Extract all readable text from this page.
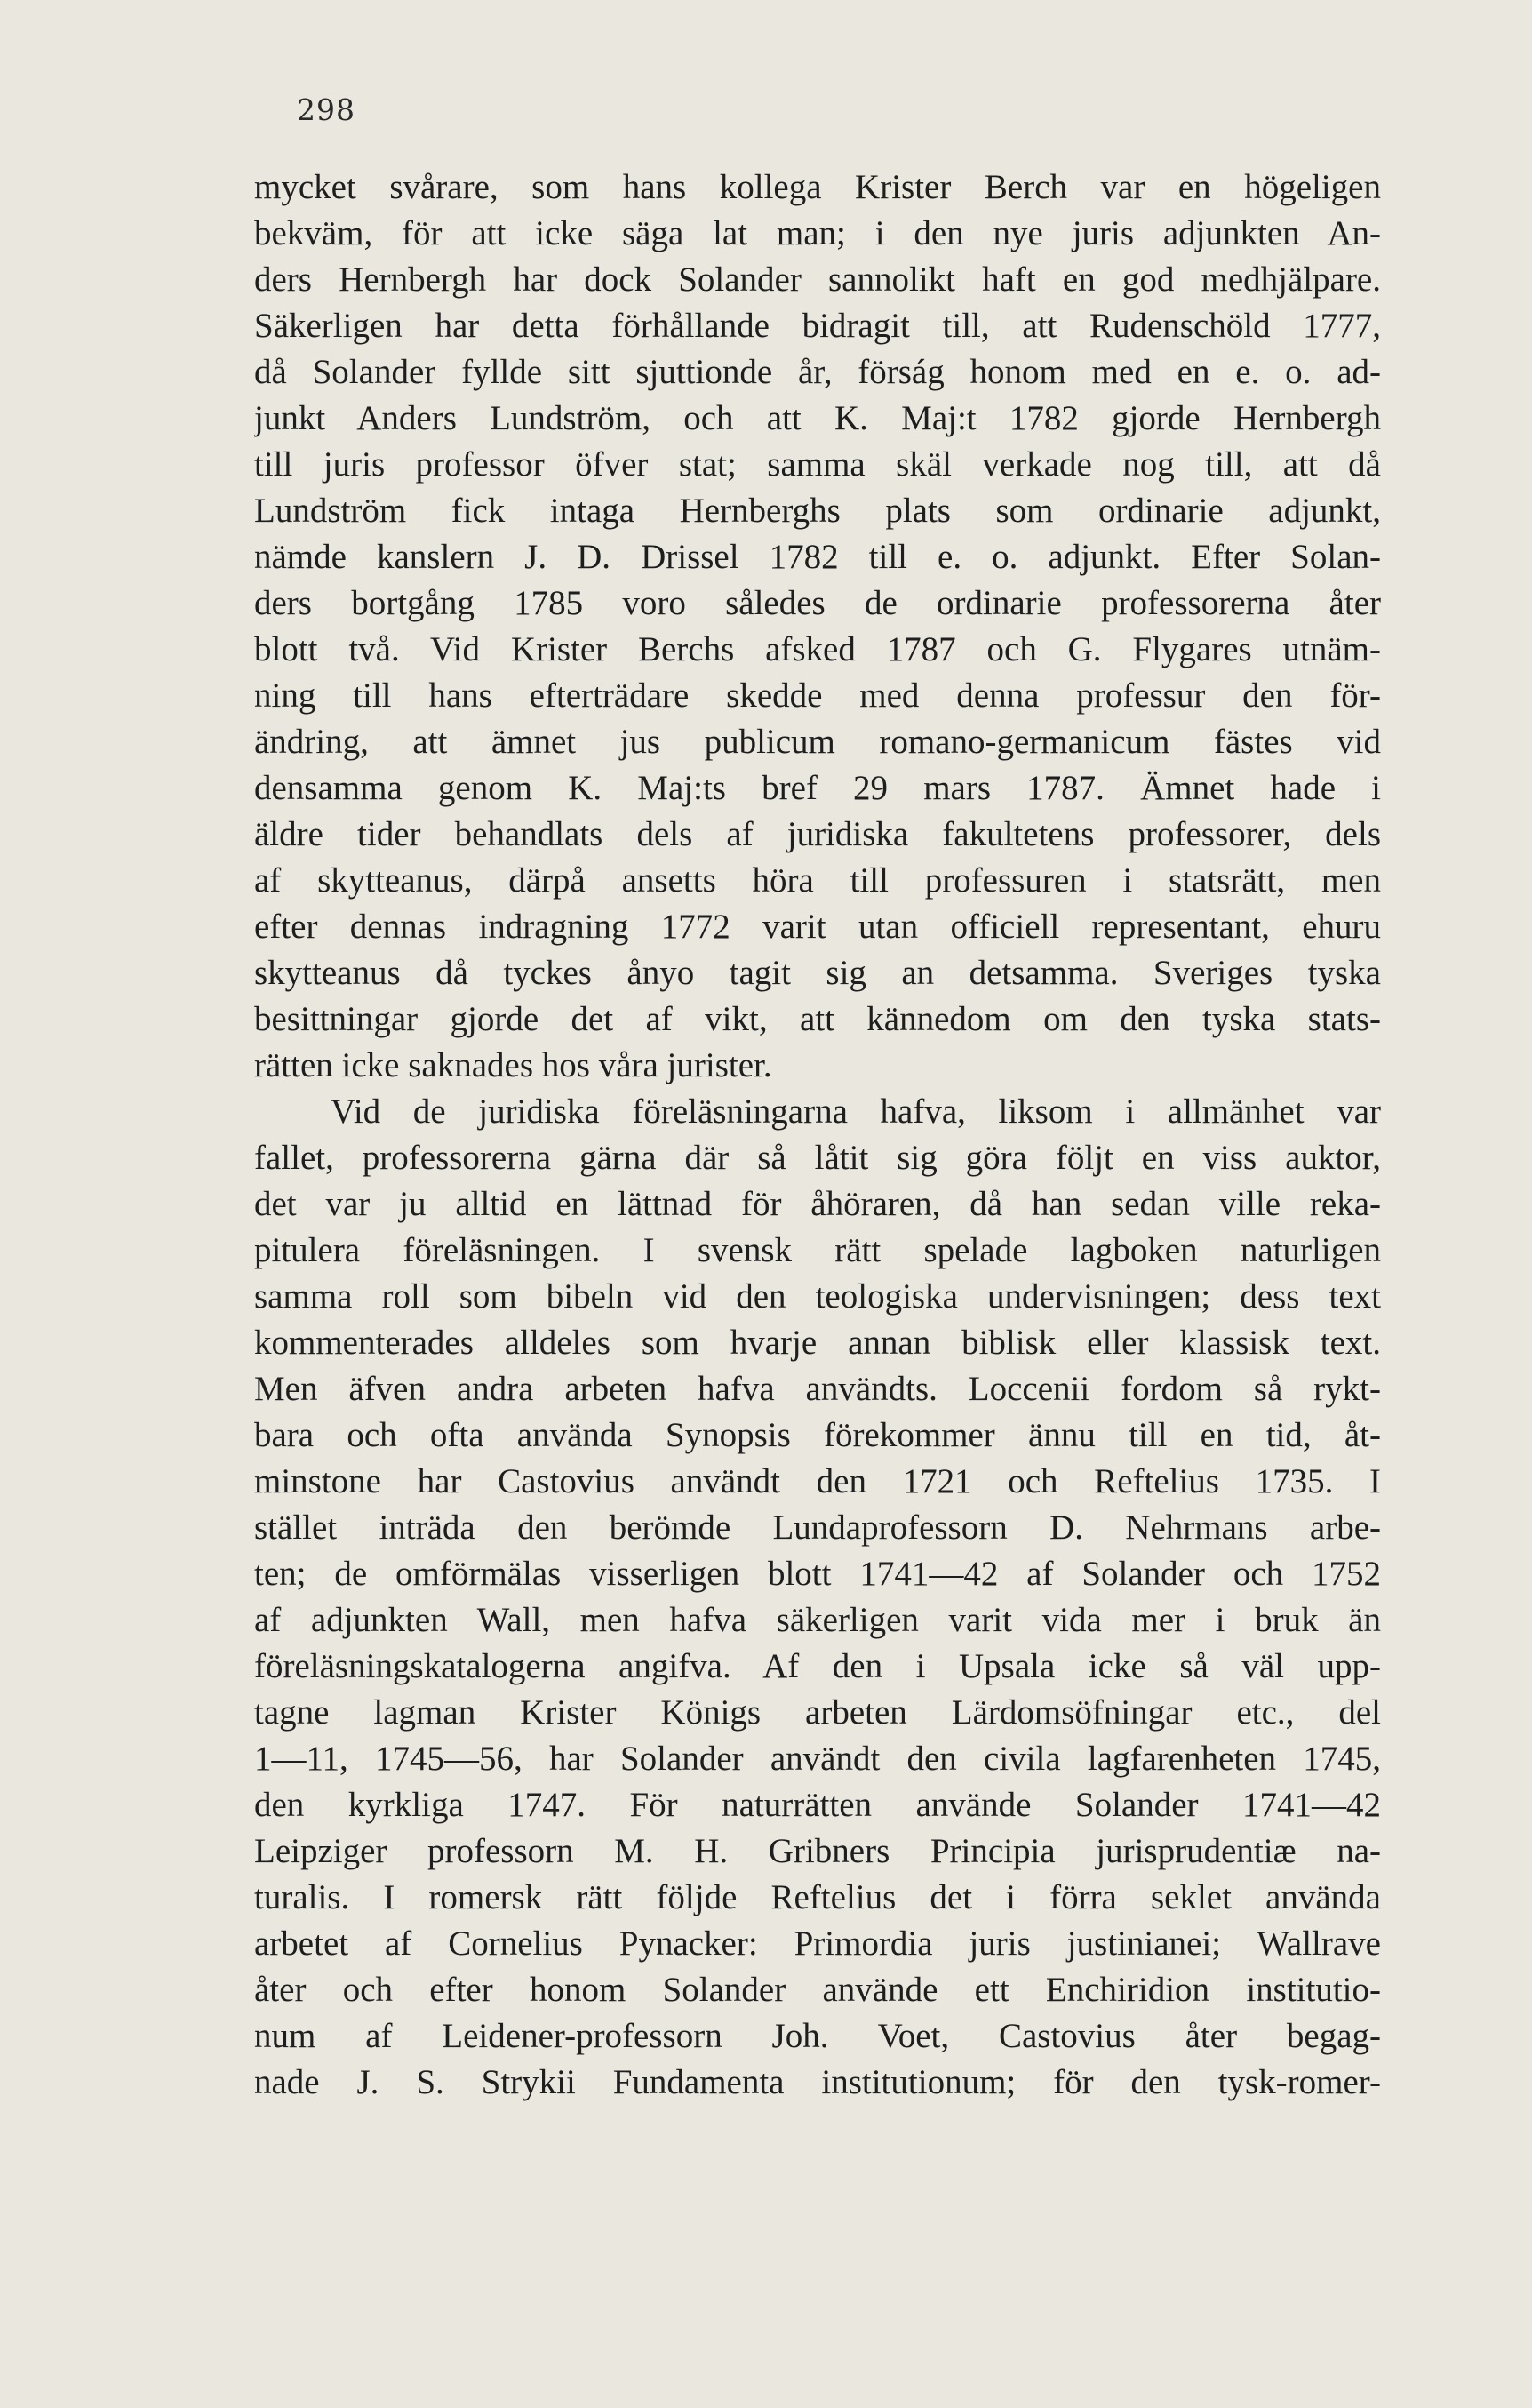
298
mycket svårare, som hans kollega Krister Berch var en högeligen
bekväm, för att icke säga lat man; i den nye juris adjunkten An-
ders Hernbergh har dock Solander sannolikt haft en god medhjälpare.
Säkerligen har detta förhållande bidragit till, att Rudenschöld 1777,
då Solander fyllde sitt sjuttionde år, förság honom med en e. o. ad-
junkt Anders Lundström, och att K. Maj:t 1782 gjorde Hernbergh
till juris professor öfver stat; samma skäl verkade nog till, att då
Lundström fick intaga Hernberghs plats som ordinarie adjunkt,
nämde kanslern J. D. Drissel 1782 till e. o. adjunkt. Efter Solan-
ders bortgång 1785 voro således de ordinarie professorerna åter
blott två. Vid Krister Berchs afsked 1787 och G. Flygares utnäm-
ning till hans efterträdare skedde med denna professur den för-
ändring, att ämnet jus publicum romano-germanicum fästes vid
densamma genom K. Maj:ts bref 29 mars 1787. Ämnet hade i
äldre tider behandlats dels af juridiska fakultetens professorer, dels
af skytteanus, därpå ansetts höra till professuren i statsrätt, men
efter dennas indragning 1772 varit utan officiell representant, ehuru
skytteanus då tyckes ånyo tagit sig an detsamma. Sveriges tyska
besittningar gjorde det af vikt, att kännedom om den tyska stats-
rätten icke saknades hos våra jurister.
Vid de juridiska föreläsningarna hafva, liksom i allmänhet var
fallet, professorerna gärna där så låtit sig göra följt en viss auktor,
det var ju alltid en lättnad för åhöraren, då han sedan ville reka-
pitulera föreläsningen. I svensk rätt spelade lagboken naturligen
samma roll som bibeln vid den teologiska undervisningen; dess text
kommenterades alldeles som hvarje annan biblisk eller klassisk text.
Men äfven andra arbeten hafva användts. Loccenii fordom så rykt-
bara och ofta använda Synopsis förekommer ännu till en tid, åt-
minstone har Castovius användt den 1721 och Reftelius 1735. I
stället inträda den berömde Lundaprofessorn D. Nehrmans arbe-
ten; de omförmälas visserligen blott 1741—42 af Solander och 1752
af adjunkten Wall, men hafva säkerligen varit vida mer i bruk än
föreläsningskatalogerna angifva. Af den i Upsala icke så väl upp-
tagne lagman Krister Königs arbeten Lärdomsöfningar etc., del
1—11, 1745—56, har Solander användt den civila lagfarenheten 1745,
den kyrkliga 1747. För naturrätten använde Solander 1741—42
Leipziger professorn M. H. Gribners Principia jurisprudentiæ na-
turalis. I romersk rätt följde Reftelius det i förra seklet använda
arbetet af Cornelius Pynacker: Primordia juris justinianei; Wallrave
åter och efter honom Solander använde ett Enchiridion institutio-
num af Leidener-professorn Joh. Voet, Castovius åter begag-
nade J. S. Strykii Fundamenta institutionum; för den tysk-romer-
